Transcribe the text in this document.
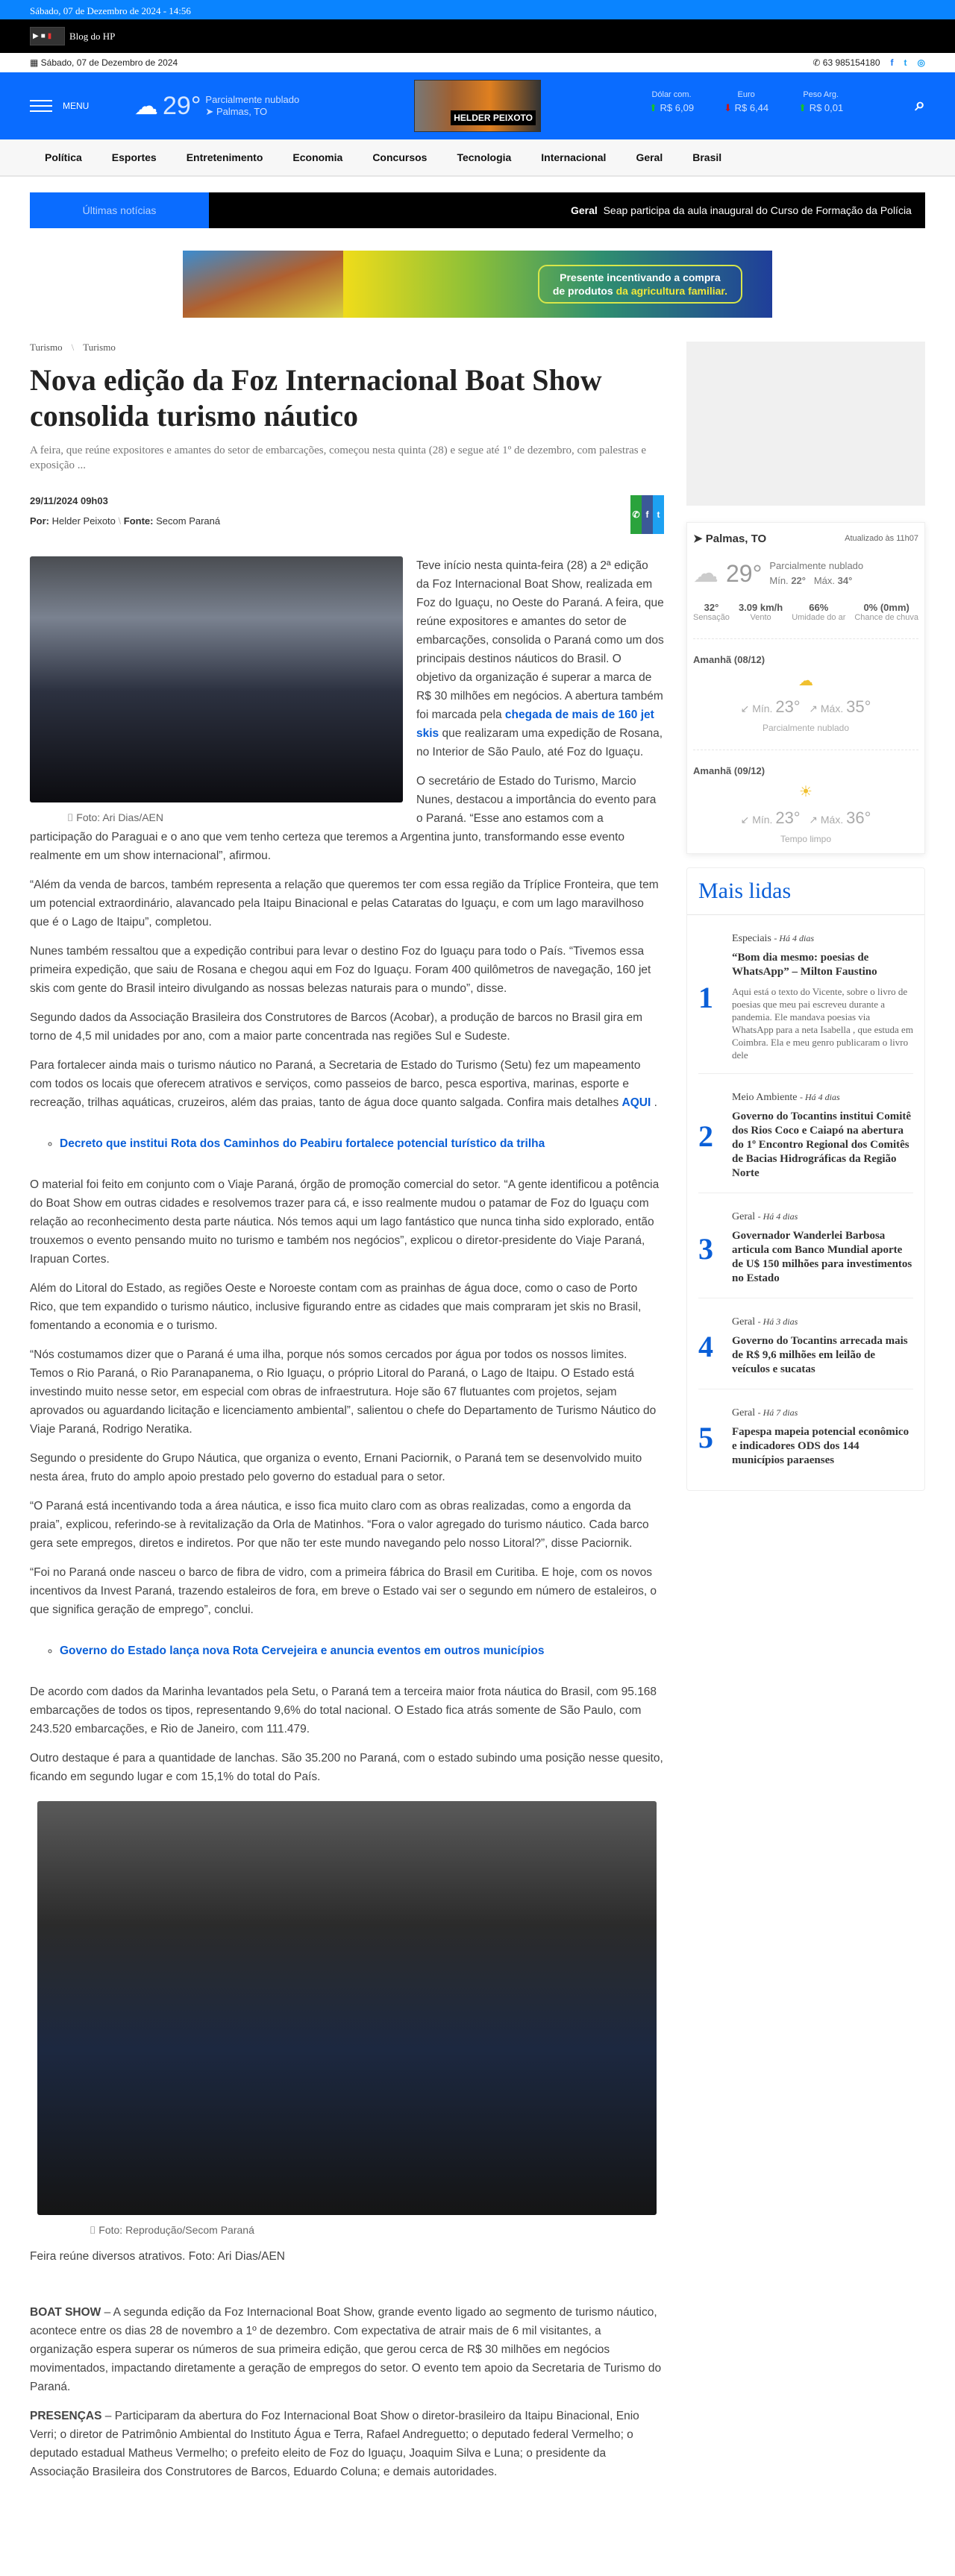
Sábado, 07 de Dezembro de 2024 - 14:56
▶ ■ ▮ Blog do HP
▦ Sábado, 07 de Dezembro de 2024	✆ 63 985154180 f t ◎
MENU ☁ 29° Parcialmente nublado
➤ Palmas, TO
HELDER PEIXOTO
Dólar com.
⬆ R$ 6,09
Euro
⬇ R$ 6,44
Peso Arg.
⬆ R$ 0,01	⌕
Política	Esportes	Entretenimento	Economia	Concursos	Tecnologia	Internacional	Geral	Brasil
Últimas notícias	Geral Seap participa da aula inaugural do Curso de Formação da Polícia
Presente incentivando a compra
de produtos da agricultura familiar.
Turismo \ Turismo
Nova edição da Foz Internacional Boat Show consolida turismo náutico
A feira, que reúne expositores e amantes do setor de embarcações, começou nesta quinta (28) e segue até 1º de dezembro, com palestras e exposição ...
29/11/2024 09h03
Por: Helder Peixoto \ Fonte: Secom Paraná
✆ f t
⌷ Foto: Ari Dias/AEN

Teve início nesta quinta-feira (28) a 2ª edição da Foz Internacional Boat Show, realizada em Foz do Iguaçu, no Oeste do Paraná. A feira, que reúne expositores e amantes do setor de embarcações, consolida o Paraná como um dos principais destinos náuticos do Brasil. O objetivo da organização é superar a marca de R$ 30 milhões em negócios. A abertura também foi marcada pela chegada de mais de 160 jet skis que realizaram uma expedição de Rosana, no Interior de São Paulo, até Foz do Iguaçu.

O secretário de Estado do Turismo, Marcio Nunes, destacou a importância do evento para o Paraná. “Esse ano estamos com a participação do Paraguai e o ano que vem tenho certeza que teremos a Argentina junto, transformando esse evento realmente em um show internacional”, afirmou.

“Além da venda de barcos, também representa a relação que queremos ter com essa região da Tríplice Fronteira, que tem um potencial extraordinário, alavancado pela Itaipu Binacional e pelas Cataratas do Iguaçu, e com um lago maravilhoso que é o Lago de Itaipu”, completou.

Nunes também ressaltou que a expedição contribui para levar o destino Foz do Iguaçu para todo o País. “Tivemos essa primeira expedição, que saiu de Rosana e chegou aqui em Foz do Iguaçu. Foram 400 quilômetros de navegação, 160 jet skis com gente do Brasil inteiro divulgando as nossas belezas naturais para o mundo”, disse.

Segundo dados da Associação Brasileira dos Construtores de Barcos (Acobar), a produção de barcos no Brasil gira em torno de 4,5 mil unidades por ano, com a maior parte concentrada nas regiões Sul e Sudeste.

Para fortalecer ainda mais o turismo náutico no Paraná, a Secretaria de Estado do Turismo (Setu) fez um mapeamento com todos os locais que oferecem atrativos e serviços, como passeios de barco, pesca esportiva, marinas, esporte e recreação, trilhas aquáticas, cruzeiros, além das praias, tanto de água doce quanto salgada. Confira mais detalhes AQUI .

◦ Decreto que institui Rota dos Caminhos do Peabiru fortalece potencial turístico da trilha

O material foi feito em conjunto com o Viaje Paraná, órgão de promoção comercial do setor. “A gente identificou a potência do Boat Show em outras cidades e resolvemos trazer para cá, e isso realmente mudou o patamar de Foz do Iguaçu com relação ao reconhecimento desta parte náutica. Nós temos aqui um lago fantástico que nunca tinha sido explorado, então trouxemos o evento pensando muito no turismo e também nos negócios”, explicou o diretor-presidente do Viaje Paraná, Irapuan Cortes.

Além do Litoral do Estado, as regiões Oeste e Noroeste contam com as prainhas de água doce, como o caso de Porto Rico, que tem expandido o turismo náutico, inclusive figurando entre as cidades que mais compraram jet skis no Brasil, fomentando a economia e o turismo.

“Nós costumamos dizer que o Paraná é uma ilha, porque nós somos cercados por água por todos os nossos limites. Temos o Rio Paraná, o Rio Paranapanema, o Rio Iguaçu, o próprio Litoral do Paraná, o Lago de Itaipu. O Estado está investindo muito nesse setor, em especial com obras de infraestrutura. Hoje são 67 flutuantes com projetos, sejam aprovados ou aguardando licitação e licenciamento ambiental”, salientou o chefe do Departamento de Turismo Náutico do Viaje Paraná, Rodrigo Neratika.

Segundo o presidente do Grupo Náutica, que organiza o evento, Ernani Paciornik, o Paraná tem se desenvolvido muito nesta área, fruto do amplo apoio prestado pelo governo do estadual para o setor.

“O Paraná está incentivando toda a área náutica, e isso fica muito claro com as obras realizadas, como a engorda da praia”, explicou, referindo-se à revitalização da Orla de Matinhos. “Fora o valor agregado do turismo náutico. Cada barco gera sete empregos, diretos e indiretos. Por que não ter este mundo navegando pelo nosso Litoral?”, disse Paciornik.

“Foi no Paraná onde nasceu o barco de fibra de vidro, com a primeira fábrica do Brasil em Curitiba. E hoje, com os novos incentivos da Invest Paraná, trazendo estaleiros de fora, em breve o Estado vai ser o segundo em número de estaleiros, o que significa geração de emprego”, conclui.

◦ Governo do Estado lança nova Rota Cervejeira e anuncia eventos em outros municípios

De acordo com dados da Marinha levantados pela Setu, o Paraná tem a terceira maior frota náutica do Brasil, com 95.168 embarcações de todos os tipos, representando 9,6% do total nacional. O Estado fica atrás somente de São Paulo, com 243.520 embarcações, e Rio de Janeiro, com 111.479.

Outro destaque é para a quantidade de lanchas. São 35.200 no Paraná, com o estado subindo uma posição nesse quesito, ficando em segundo lugar e com 15,1% do total do País.

⌷ Foto: Reprodução/Secom Paraná

Feira reúne diversos atrativos. Foto: Ari Dias/AEN

BOAT SHOW – A segunda edição da Foz Internacional Boat Show, grande evento ligado ao segmento de turismo náutico, acontece entre os dias 28 de novembro a 1º de dezembro. Com expectativa de atrair mais de 6 mil visitantes, a organização espera superar os números de sua primeira edição, que gerou cerca de R$ 30 milhões em negócios movimentados, impactando diretamente a geração de empregos do setor. O evento tem apoio da Secretaria de Turismo do Paraná.

PRESENÇAS – Participaram da abertura do Foz Internacional Boat Show o diretor-brasileiro da Itaipu Binacional, Enio Verri; o diretor de Patrimônio Ambiental do Instituto Água e Terra, Rafael Andreguetto; o deputado federal Vermelho; o deputado estadual Matheus Vermelho; o prefeito eleito de Foz do Iguaçu, Joaquim Silva e Luna; o presidente da Associação Brasileira dos Construtores de Barcos, Eduardo Coluna; e demais autoridades.

➤ Palmas, TO	Atualizado às 11h07
☁ 29° Parcialmente nublado
Mín. 22° Máx. 34°
32°
Sensação
3.09 km/h
Vento
66%
Umidade do ar
0% (0mm)
Chance de chuva
Amanhã (08/12)
☁
↙ Mín. 23°   ↗ Máx. 35°
Parcialmente nublado
Amanhã (09/12)
☀
↙ Mín. 23°   ↗ Máx. 36°
Tempo limpo
Mais lidas
1
Especiais - Há 4 dias
“Bom dia mesmo: poesias de WhatsApp” – Milton Faustino
Aqui está o texto do Vicente, sobre o livro de poesias que meu pai escreveu durante a pandemia. Ele mandava poesias via WhatsApp para a neta Isabella , que estuda em Coimbra. Ela e meu genro publicaram o livro dele
2
Meio Ambiente - Há 4 dias
Governo do Tocantins institui Comitê dos Rios Coco e Caiapó na abertura do 1º Encontro Regional dos Comitês de Bacias Hidrográficas da Região Norte
3
Geral - Há 4 dias
Governador Wanderlei Barbosa articula com Banco Mundial aporte de U$ 150 milhões para investimentos no Estado
4
Geral - Há 3 dias
Governo do Tocantins arrecada mais de R$ 9,6 milhões em leilão de veículos e sucatas
5
Geral - Há 7 dias
Fapespa mapeia potencial econômico e indicadores ODS dos 144 municípios paraenses
